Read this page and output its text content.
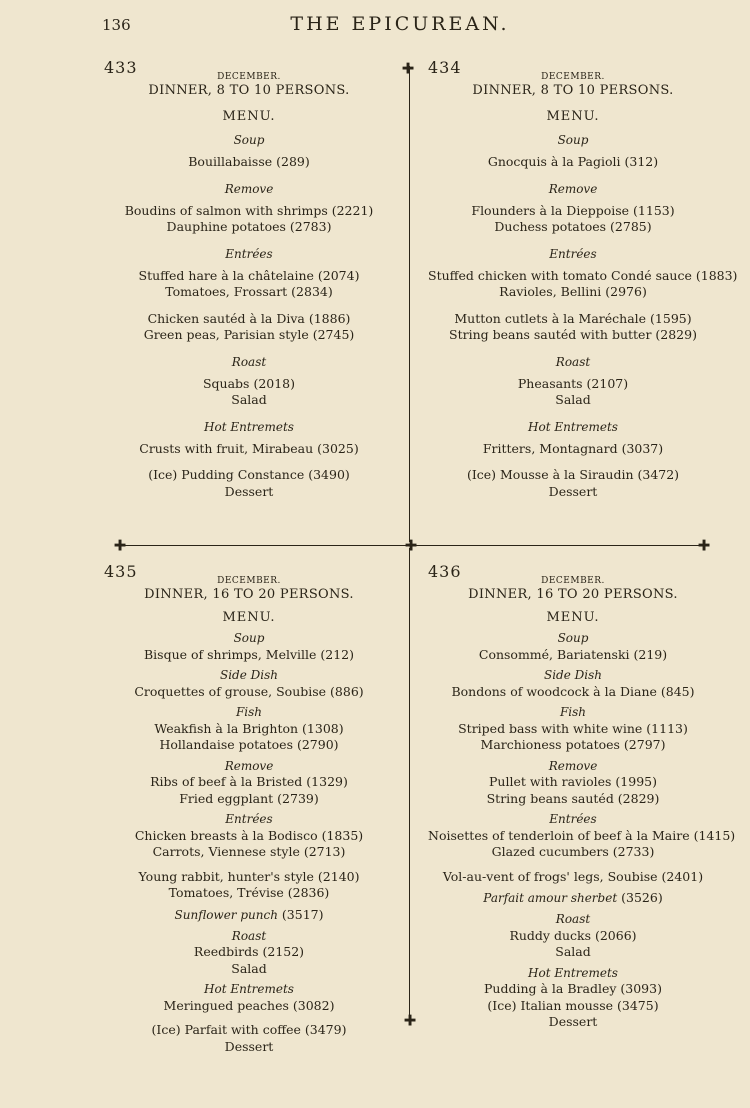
136	THE EPICUREAN.
✚
✚	✚	✚
✚
433	DECEMBER.
DINNER, 8 TO 10 PERSONS.
MENU.
Soup
Bouillabaisse (289)
Remove
Boudins of salmon with shrimps (2221)
Dauphine potatoes (2783)
Entrées
Stuffed hare à la châtelaine (2074)
Tomatoes, Frossart (2834)
Chicken sautéd à la Diva (1886)
Green peas, Parisian style (2745)
Roast
Squabs (2018)
Salad
Hot Entremets
Crusts with fruit, Mirabeau (3025)
(Ice) Pudding Constance (3490)
Dessert
434	DECEMBER.
DINNER, 8 TO 10 PERSONS.
MENU.
Soup
Gnocquis à la Pagioli (312)
Remove
Flounders à la Dieppoise (1153)
Duchess potatoes (2785)
Entrées
Stuffed chicken with tomato Condé sauce (1883)
Ravioles, Bellini (2976)
Mutton cutlets à la Maréchale (1595)
String beans sautéd with butter (2829)
Roast
Pheasants (2107)
Salad
Hot Entremets
Fritters, Montagnard (3037)
(Ice) Mousse à la Siraudin (3472)
Dessert
435	DECEMBER.
DINNER, 16 TO 20 PERSONS.
MENU.
Soup
Bisque of shrimps, Melville (212)
Side Dish
Croquettes of grouse, Soubise (886)
Fish
Weakfish à la Brighton (1308)
Hollandaise potatoes (2790)
Remove
Ribs of beef à la Bristed (1329)
Fried eggplant (2739)
Entrées
Chicken breasts à la Bodisco (1835)
Carrots, Viennese style (2713)
Young rabbit, hunter's style (2140)
Tomatoes, Trévise (2836)
Sunflower punch (3517)
Roast
Reedbirds (2152)
Salad
Hot Entremets
Meringued peaches (3082)
(Ice) Parfait with coffee (3479)
Dessert
436	DECEMBER.
DINNER, 16 TO 20 PERSONS.
MENU.
Soup
Consommé, Bariatenski (219)
Side Dish
Bondons of woodcock à la Diane (845)
Fish
Striped bass with white wine (1113)
Marchioness potatoes (2797)
Remove
Pullet with ravioles (1995)
String beans sautéd (2829)
Entrées
Noisettes of tenderloin of beef à la Maire (1415)
Glazed cucumbers (2733)
Vol-au-vent of frogs' legs, Soubise (2401)
Parfait amour sherbet (3526)
Roast
Ruddy ducks (2066)
Salad
Hot Entremets
Pudding à la Bradley (3093)
(Ice) Italian mousse (3475)
Dessert
